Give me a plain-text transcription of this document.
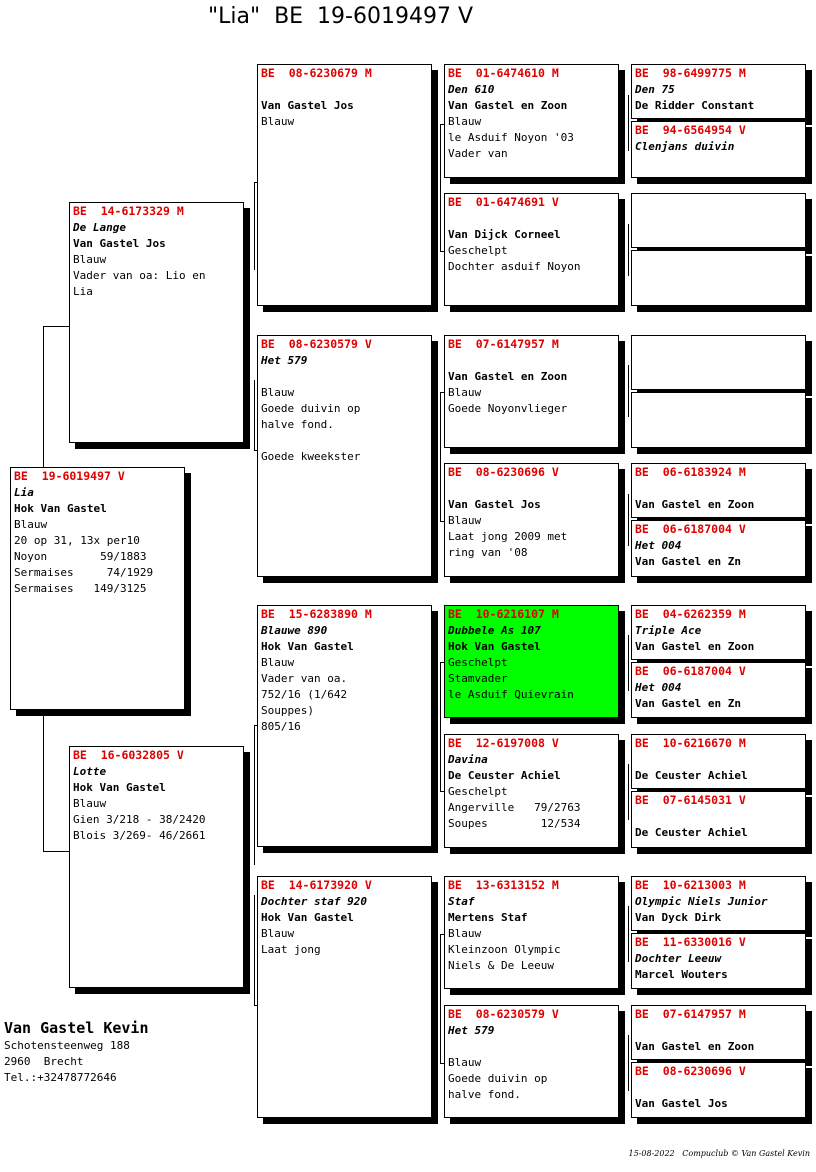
"Lia"  BE  19-6019497 V
BE  19-6019497 V
Lia
Hok Van Gastel
Blauw
20 op 31, 13x per10
Noyon        59/1883
Sermaises     74/1929
Sermaises   149/3125
BE  14-6173329 M
De Lange
Van Gastel Jos
Blauw
Vader van oa: Lio en
Lia
BE  16-6032805 V
Lotte
Hok Van Gastel
Blauw
Gien 3/218 - 38/2420
Blois 3/269- 46/2661
BE  08-6230679 M
Van Gastel Jos
Blauw
BE  08-6230579 V
Het 579
Blauw
Goede duivin op
halve fond.
Goede kweekster
BE  15-6283890 M
Blauwe 890
Hok Van Gastel
Blauw
Vader van oa.
752/16 (1/642
Souppes)
805/16
BE  14-6173920 V
Dochter staf 920
Hok Van Gastel
Blauw
Laat jong
BE  01-6474610 M
Den 610
Van Gastel en Zoon
Blauw
le Asduif Noyon '03
Vader van
BE  01-6474691 V
Van Dijck Corneel
Geschelpt
Dochter asduif Noyon
BE  07-6147957 M
Van Gastel en Zoon
Blauw
Goede Noyonvlieger
BE  08-6230696 V
Van Gastel Jos
Blauw
Laat jong 2009 met
ring van '08
BE  10-6216107 M
Dubbele As 107
Hok Van Gastel
Geschelpt
Stamvader
le Asduif Quievrain
BE  12-6197008 V
Davina
De Ceuster Achiel
Geschelpt
Angerville   79/2763
Soupes        12/534
BE  13-6313152 M
Staf
Mertens Staf
Blauw
Kleinzoon Olympic
Niels & De Leeuw
BE  08-6230579 V
Het 579
Blauw
Goede duivin op
halve fond.
BE  98-6499775 M
Den 75
De Ridder Constant
BE  94-6564954 V
Clenjans duivin
BE  06-6183924 M
Van Gastel en Zoon
BE  06-6187004 V
Het 004
Van Gastel en Zn
BE  04-6262359 M
Triple Ace
Van Gastel en Zoon
BE  06-6187004 V
Het 004
Van Gastel en Zn
BE  10-6216670 M
De Ceuster Achiel
BE  07-6145031 V
De Ceuster Achiel
BE  10-6213003 M
Olympic Niels Junior
Van Dyck Dirk
BE  11-6330016 V
Dochter Leeuw
Marcel Wouters
BE  07-6147957 M
Van Gastel en Zoon
BE  08-6230696 V
Van Gastel Jos
Van Gastel Kevin
Schotensteenweg 188
2960  Brecht
Tel.:+32478772646
15-08-2022   Compuclub © Van Gastel Kevin
